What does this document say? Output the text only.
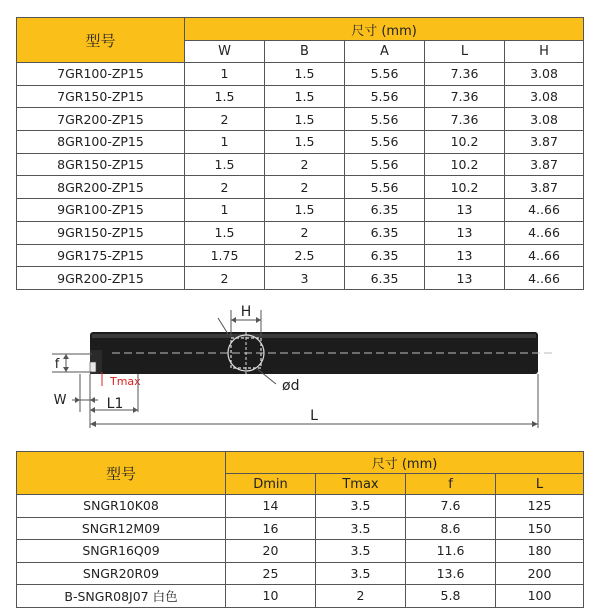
型号	尺寸 (mm)				
	W	B	A	L	H
7GR100-ZP15	1	1.5	5.56	7.36	3.08
7GR150-ZP15	1.5	1.5	5.56	7.36	3.08
7GR200-ZP15	2	1.5	5.56	7.36	3.08
8GR100-ZP15	1	1.5	5.56	10.2	3.87
8GR150-ZP15	1.5	2	5.56	10.2	3.87
8GR200-ZP15	2	2	5.56	10.2	3.87
9GR100-ZP15	1	1.5	6.35	13	4..66
9GR150-ZP15	1.5	2	6.35	13	4..66
9GR175-ZP15	1.75	2.5	6.35	13	4..66
9GR200-ZP15	2	3	6.35	13	4..66
H
ød
f
Tmax
W	L1
L
型号	尺寸 (mm)			
	Dmin	Tmax	f	L
SNGR10K08	14	3.5	7.6	125
SNGR12M09	16	3.5	8.6	150
SNGR16Q09	20	3.5	11.6	180
SNGR20R09	25	3.5	13.6	200
B-SNGR08J07 白色	10	2	5.8	100
